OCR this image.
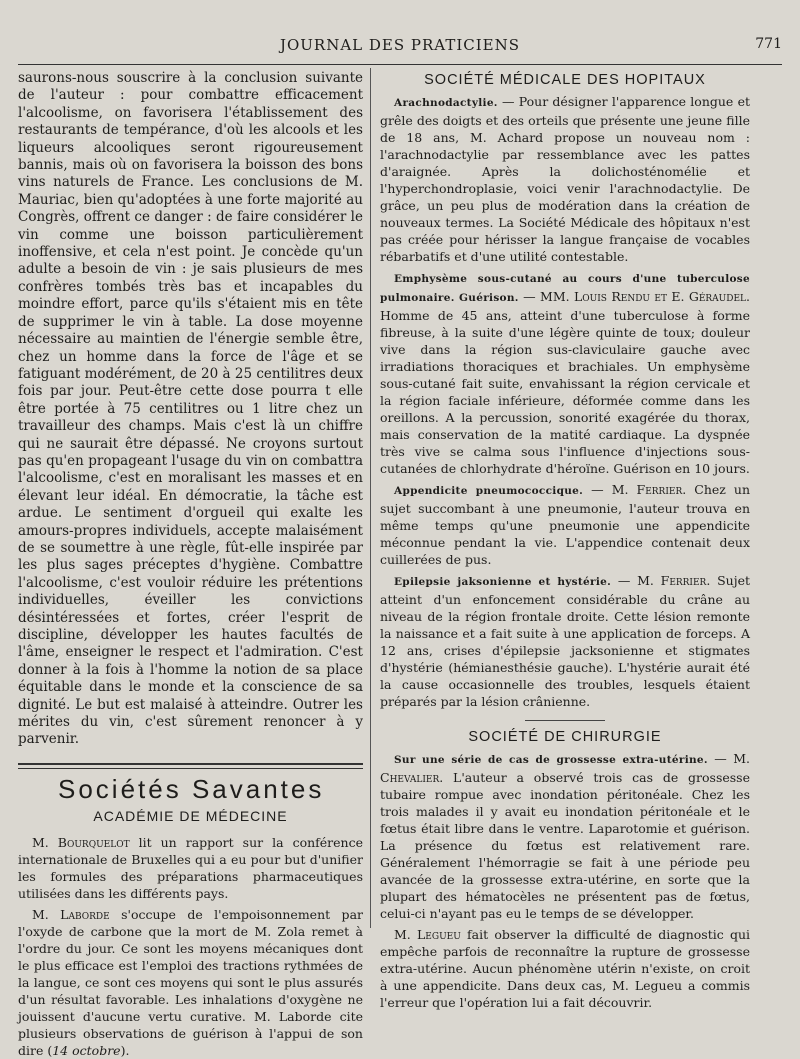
JOURNAL DES PRATICIENS	771

saurons-nous souscrire à la conclusion suivante de l'auteur : pour combattre efficacement l'alcoolisme, on favorisera l'établissement des restaurants de tempérance, d'où les alcools et les liqueurs alcooliques seront rigoureusement bannis, mais où on favorisera la boisson des bons vins naturels de France. Les conclusions de M. Mauriac, bien qu'adoptées à une forte majorité au Congrès, offrent ce danger : de faire considérer le vin comme une boisson particulièrement inoffensive, et cela n'est point. Je concède qu'un adulte a besoin de vin : je sais plusieurs de mes confrères tombés très bas et incapables du moindre effort, parce qu'ils s'étaient mis en tête de supprimer le vin à table. La dose moyenne nécessaire au maintien de l'énergie semble être, chez un homme dans la force de l'âge et se fatiguant modérément, de 20 à 25 centilitres deux fois par jour. Peut-être cette dose pourra t elle être portée à 75 centilitres ou 1 litre chez un travailleur des champs. Mais c'est là un chiffre qui ne saurait être dépassé. Ne croyons surtout pas qu'en propageant l'usage du vin on combattra l'alcoolisme, c'est en moralisant les masses et en élevant leur idéal. En démocratie, la tâche est ardue. Le sentiment d'orgueil qui exalte les amours-propres individuels, accepte malaisément de se soumettre à une règle, fût-elle inspirée par les plus sages préceptes d'hygiène. Combattre l'alcoolisme, c'est vouloir réduire les prétentions individuelles, éveiller les convictions désintéressées et fortes, créer l'esprit de discipline, développer les hautes facultés de l'âme, enseigner le respect et l'admiration. C'est donner à la fois à l'homme la notion de sa place équitable dans le monde et la conscience de sa dignité. Le but est malaisé à atteindre. Outrer les mérites du vin, c'est sûrement renoncer à y parvenir.

Sociétés Savantes
ACADÉMIE DE MÉDECINE

M. Bourquelot lit un rapport sur la conférence internationale de Bruxelles qui a eu pour but d'unifier les formules des préparations pharmaceutiques utilisées dans les différents pays.

M. Laborde s'occupe de l'empoisonnement par l'oxyde de carbone que la mort de M. Zola remet à l'ordre du jour. Ce sont les moyens mécaniques dont le plus efficace est l'emploi des tractions rythmées de la langue, ce sont ces moyens qui sont le plus assurés d'un résultat favorable. Les inhalations d'oxygène ne jouissent d'aucune vertu curative. M. Laborde cite plusieurs observations de guérison à l'appui de son dire (14 octobre).

SOCIÉTÉ MÉDICALE DES HOPITAUX

Arachnodactylie. — Pour désigner l'apparence longue et grêle des doigts et des orteils que présente une jeune fille de 18 ans, M. Achard propose un nouveau nom : l'arachnodactylie par ressemblance avec les pattes d'araignée. Après la dolichosténomélie et l'hyperchondroplasie, voici venir l'arachnodactylie. De grâce, un peu plus de modération dans la création de nouveaux termes. La Société Médicale des hôpitaux n'est pas créée pour hérisser la langue française de vocables rébarbatifs et d'une utilité contestable.

Emphysème sous-cutané au cours d'une tuberculose pulmonaire. Guérison. — MM. Louis Rendu et E. Géraudel. Homme de 45 ans, atteint d'une tuberculose à forme fibreuse, à la suite d'une légère quinte de toux; douleur vive dans la région sus-claviculaire gauche avec irradiations thoraciques et brachiales. Un emphysème sous-cutané fait suite, envahissant la région cervicale et la région faciale inférieure, déformée comme dans les oreillons. A la percussion, sonorité exagérée du thorax, mais conservation de la matité cardiaque. La dyspnée très vive se calma sous l'influence d'injections sous-cutanées de chlorhydrate d'héroïne. Guérison en 10 jours.

Appendicite pneumococcique. — M. Ferrier. Chez un sujet succombant à une pneumonie, l'auteur trouva en même temps qu'une pneumonie une appendicite méconnue pendant la vie. L'appendice contenait deux cuillerées de pus.

Epilepsie jaksonienne et hystérie. — M. Ferrier. Sujet atteint d'un enfoncement considérable du crâne au niveau de la région frontale droite. Cette lésion remonte la naissance et a fait suite à une application de forceps. A 12 ans, crises d'épilepsie jacksonienne et stigmates d'hystérie (hémianesthésie gauche). L'hystérie aurait été la cause occasionnelle des troubles, lesquels étaient préparés par la lésion crânienne.

SOCIÉTÉ DE CHIRURGIE

Sur une série de cas de grossesse extra-utérine. — M. Chevalier. L'auteur a observé trois cas de grossesse tubaire rompue avec inondation péritonéale. Chez les trois malades il y avait eu inondation péritonéale et le fœtus était libre dans le ventre. Laparotomie et guérison. La présence du fœtus est relativement rare. Généralement l'hémorragie se fait à une période peu avancée de la grossesse extra-utérine, en sorte que la plupart des hématocèles ne présentent pas de fœtus, celui-ci n'ayant pas eu le temps de se développer.

M. Legueu fait observer la difficulté de diagnostic qui empêche parfois de reconnaître la rupture de grossesse extra-utérine. Aucun phénomène utérin n'existe, on croit à une appendicite. Dans deux cas, M. Legueu a commis l'erreur que l'opération lui a fait découvrir.
